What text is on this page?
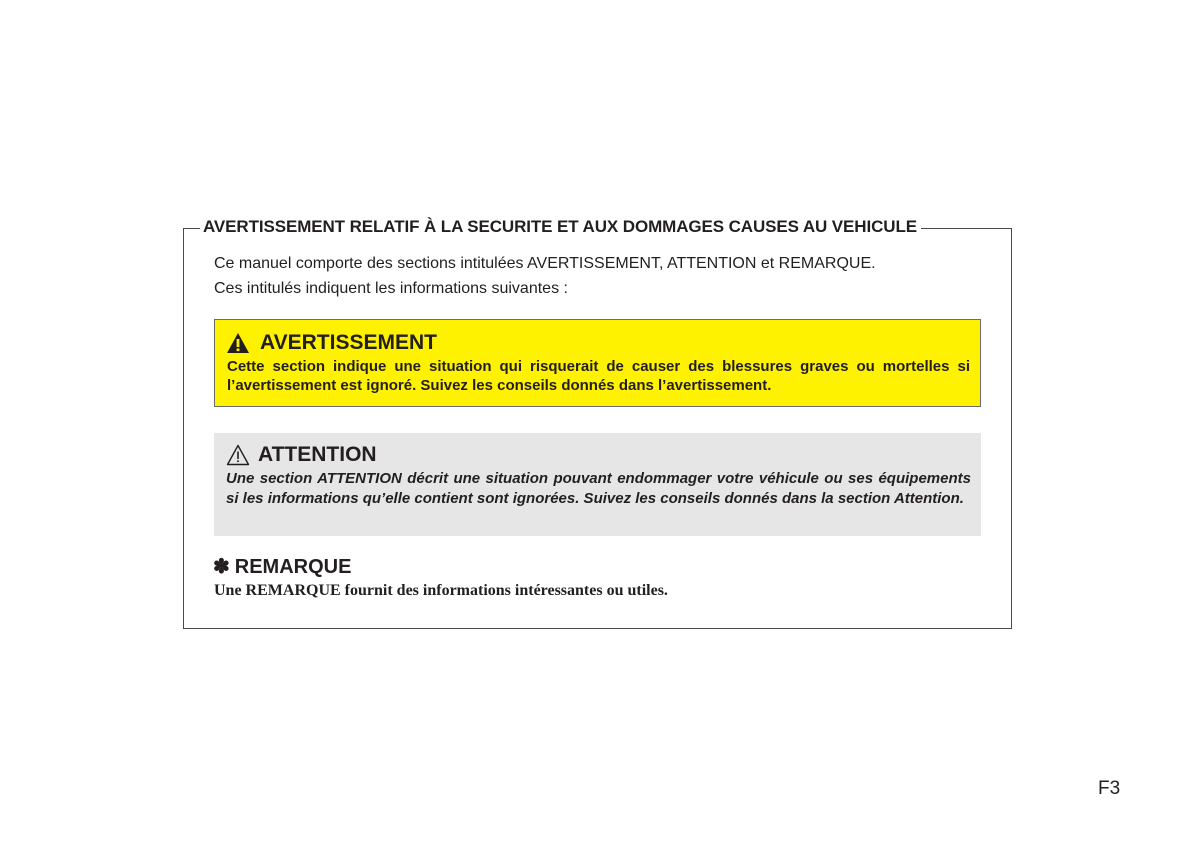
AVERTISSEMENT RELATIF À LA SECURITE ET AUX DOMMAGES CAUSES AU VEHICULE
Ce manuel comporte des sections intitulées AVERTISSEMENT, ATTENTION et REMARQUE.
Ces intitulés indiquent les informations suivantes :
AVERTISSEMENT
Cette section indique une situation qui risquerait de causer des blessures graves ou mortelles si l’avertissement est ignoré. Suivez les conseils donnés dans l’avertissement.
ATTENTION
Une section ATTENTION décrit une situation pouvant endommager votre véhicule ou ses équipements si les informations qu’elle contient sont ignorées. Suivez les conseils donnés dans la section Attention.
✽ REMARQUE
Une REMARQUE fournit des informations intéressantes ou utiles.
F3
